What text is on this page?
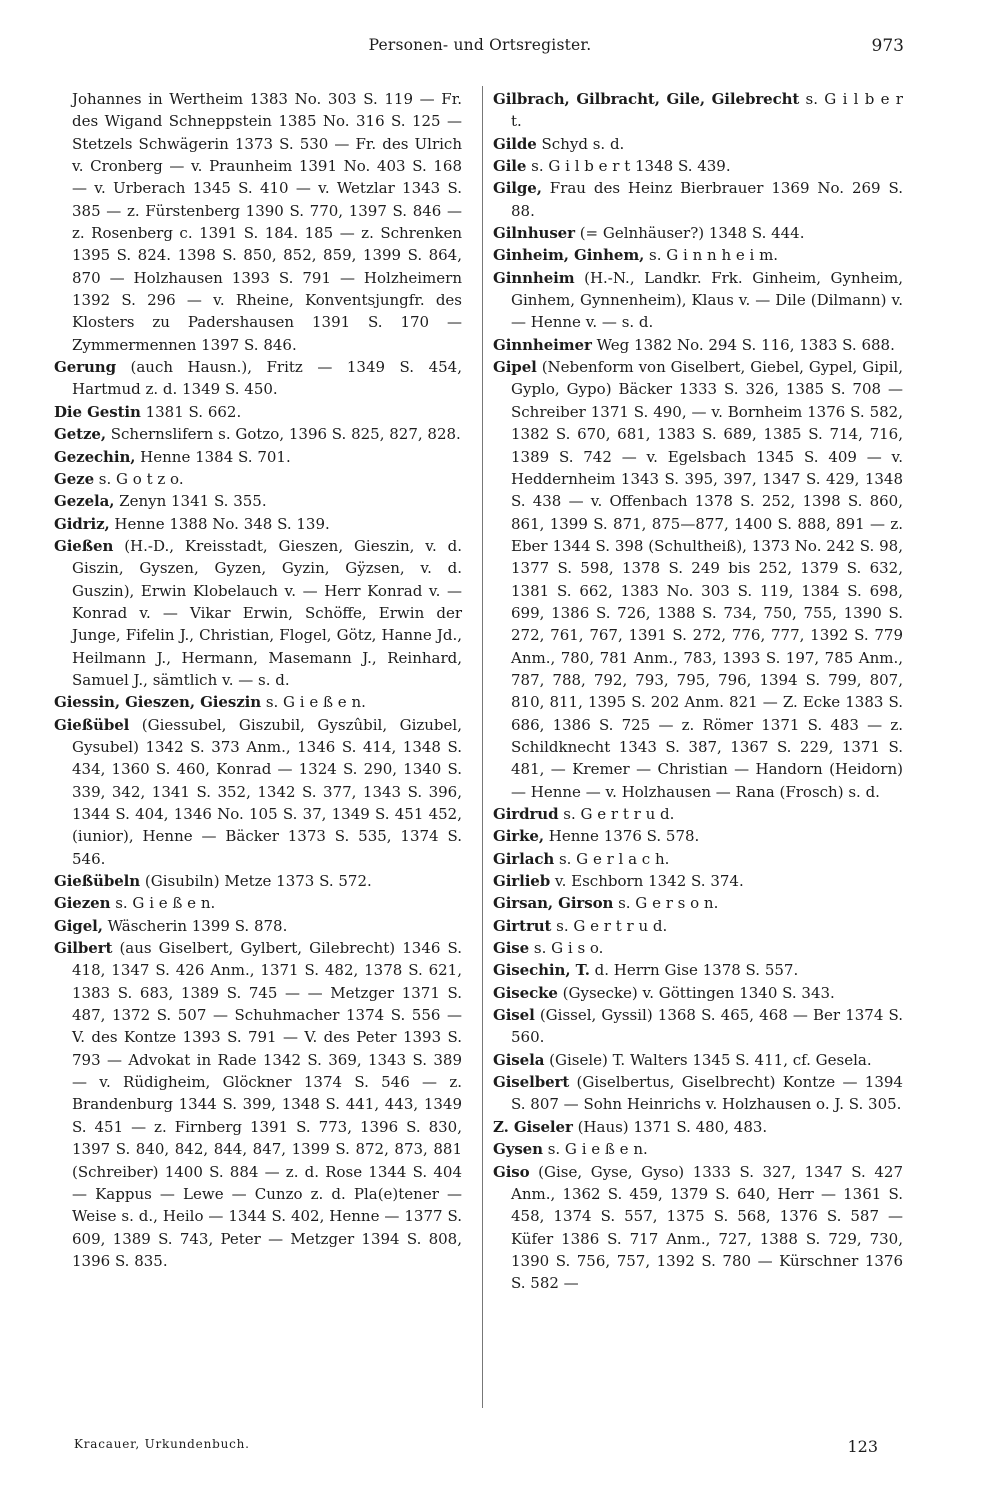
Personen- und Ortsregister.	973
Johannes in Wertheim 1383 No. 303 S. 119 — Fr. des Wigand Schneppstein 1385 No. 316 S. 125 — Stetzels Schwägerin 1373 S. 530 — Fr. des Ulrich v. Cronberg — v. Praunheim 1391 No. 403 S. 168 — v. Urberach 1345 S. 410 — v. Wetzlar 1343 S. 385 — z. Fürstenberg 1390 S. 770, 1397 S. 846 — z. Rosenberg c. 1391 S. 184. 185 — z. Schrenken 1395 S. 824. 1398 S. 850, 852, 859, 1399 S. 864, 870 — Holzhausen 1393 S. 791 — Holzheimern 1392 S. 296 — v. Rheine, Konventsjungfr. des Klosters zu Padershausen 1391 S. 170 — Zymmermennen 1397 S. 846.
Gerung (auch Hausn.), Fritz — 1349 S. 454, Hartmud z. d. 1349 S. 450.
Die Gestin 1381 S. 662.
Getze, Schernslifern s. Gotzo, 1396 S. 825, 827, 828.
Gezechin, Henne 1384 S. 701.
Geze s. G o t z o.
Gezela, Zenyn 1341 S. 355.
Gidriz, Henne 1388 No. 348 S. 139.
Gießen (H.-D., Kreisstadt, Gieszen, Gieszin, v. d. Giszin, Gyszen, Gyzen, Gyzin, Gÿzsen, v. d. Guszin), Erwin Klobelauch v. — Herr Konrad v. — Konrad v. — Vikar Erwin, Schöffe, Erwin der Junge, Fifelin J., Christian, Flogel, Götz, Hanne Jd., Heilmann J., Hermann, Masemann J., Reinhard, Samuel J., sämtlich v. — s. d.
Giessin, Gieszen, Gieszin s. G i e ß e n.
Gießübel (Giessubel, Giszubil, Gyszûbil, Gizubel, Gysubel) 1342 S. 373 Anm., 1346 S. 414, 1348 S. 434, 1360 S. 460, Konrad — 1324 S. 290, 1340 S. 339, 342, 1341 S. 352, 1342 S. 377, 1343 S. 396, 1344 S. 404, 1346 No. 105 S. 37, 1349 S. 451 452, (iunior), Henne — Bäcker 1373 S. 535, 1374 S. 546.
Gießübeln (Gisubiln) Metze 1373 S. 572.
Giezen s. G i e ß e n.
Gigel, Wäscherin 1399 S. 878.
Gilbert (aus Giselbert, Gylbert, Gilebrecht) 1346 S. 418, 1347 S. 426 Anm., 1371 S. 482, 1378 S. 621, 1383 S. 683, 1389 S. 745 — — Metzger 1371 S. 487, 1372 S. 507 — Schuhmacher 1374 S. 556 — V. des Kontze 1393 S. 791 — V. des Peter 1393 S. 793 — Advokat in Rade 1342 S. 369, 1343 S. 389 — v. Rüdigheim, Glöckner 1374 S. 546 — z. Brandenburg 1344 S. 399, 1348 S. 441, 443, 1349 S. 451 — z. Firnberg 1391 S. 773, 1396 S. 830, 1397 S. 840, 842, 844, 847, 1399 S. 872, 873, 881 (Schreiber) 1400 S. 884 — z. d. Rose 1344 S. 404 — Kappus — Lewe — Cunzo z. d. Pla(e)tener — Weise s. d., Heilo — 1344 S. 402, Henne — 1377 S. 609, 1389 S. 743, Peter — Metzger 1394 S. 808, 1396 S. 835.
Gilbrach, Gilbracht, Gile, Gilebrecht s. G i l b e r t.
Gilde Schyd s. d.
Gile s. G i l b e r t 1348 S. 439.
Gilge, Frau des Heinz Bierbrauer 1369 No. 269 S. 88.
Gilnhuser (= Gelnhäuser?) 1348 S. 444.
Ginheim, Ginhem, s. G i n n h e i m.
Ginnheim (H.-N., Landkr. Frk. Ginheim, Gynheim, Ginhem, Gynnenheim), Klaus v. — Dile (Dilmann) v. — Henne v. — s. d.
Ginnheimer Weg 1382 No. 294 S. 116, 1383 S. 688.
Gipel (Nebenform von Giselbert, Giebel, Gypel, Gipil, Gyplo, Gypo) Bäcker 1333 S. 326, 1385 S. 708 — Schreiber 1371 S. 490, — v. Bornheim 1376 S. 582, 1382 S. 670, 681, 1383 S. 689, 1385 S. 714, 716, 1389 S. 742 — v. Egelsbach 1345 S. 409 — v. Heddernheim 1343 S. 395, 397, 1347 S. 429, 1348 S. 438 — v. Offenbach 1378 S. 252, 1398 S. 860, 861, 1399 S. 871, 875—877, 1400 S. 888, 891 — z. Eber 1344 S. 398 (Schultheiß), 1373 No. 242 S. 98, 1377 S. 598, 1378 S. 249 bis 252, 1379 S. 632, 1381 S. 662, 1383 No. 303 S. 119, 1384 S. 698, 699, 1386 S. 726, 1388 S. 734, 750, 755, 1390 S. 272, 761, 767, 1391 S. 272, 776, 777, 1392 S. 779 Anm., 780, 781 Anm., 783, 1393 S. 197, 785 Anm., 787, 788, 792, 793, 795, 796, 1394 S. 799, 807, 810, 811, 1395 S. 202 Anm. 821 — Z. Ecke 1383 S. 686, 1386 S. 725 — z. Römer 1371 S. 483 — z. Schildknecht 1343 S. 387, 1367 S. 229, 1371 S. 481, — Kremer — Christian — Handorn (Heidorn) — Henne — v. Holzhausen — Rana (Frosch) s. d.
Girdrud s. G e r t r u d.
Girke, Henne 1376 S. 578.
Girlach s. G e r l a c h.
Girlieb v. Eschborn 1342 S. 374.
Girsan, Girson s. G e r s o n.
Girtrut s. G e r t r u d.
Gise s. G i s o.
Gisechin, T. d. Herrn Gise 1378 S. 557.
Gisecke (Gysecke) v. Göttingen 1340 S. 343.
Gisel (Gissel, Gyssil) 1368 S. 465, 468 — Ber 1374 S. 560.
Gisela (Gisele) T. Walters 1345 S. 411, cf. Gesela.
Giselbert (Giselbertus, Giselbrecht) Kontze — 1394 S. 807 — Sohn Heinrichs v. Holzhausen o. J. S. 305.
Z. Giseler (Haus) 1371 S. 480, 483.
Gysen s. G i e ß e n.
Giso (Gise, Gyse, Gyso) 1333 S. 327, 1347 S. 427 Anm., 1362 S. 459, 1379 S. 640, Herr — 1361 S. 458, 1374 S. 557, 1375 S. 568, 1376 S. 587 — Küfer 1386 S. 717 Anm., 727, 1388 S. 729, 730, 1390 S. 756, 757, 1392 S. 780 — Kürschner 1376 S. 582 —
Kracauer, Urkundenbuch.	123
